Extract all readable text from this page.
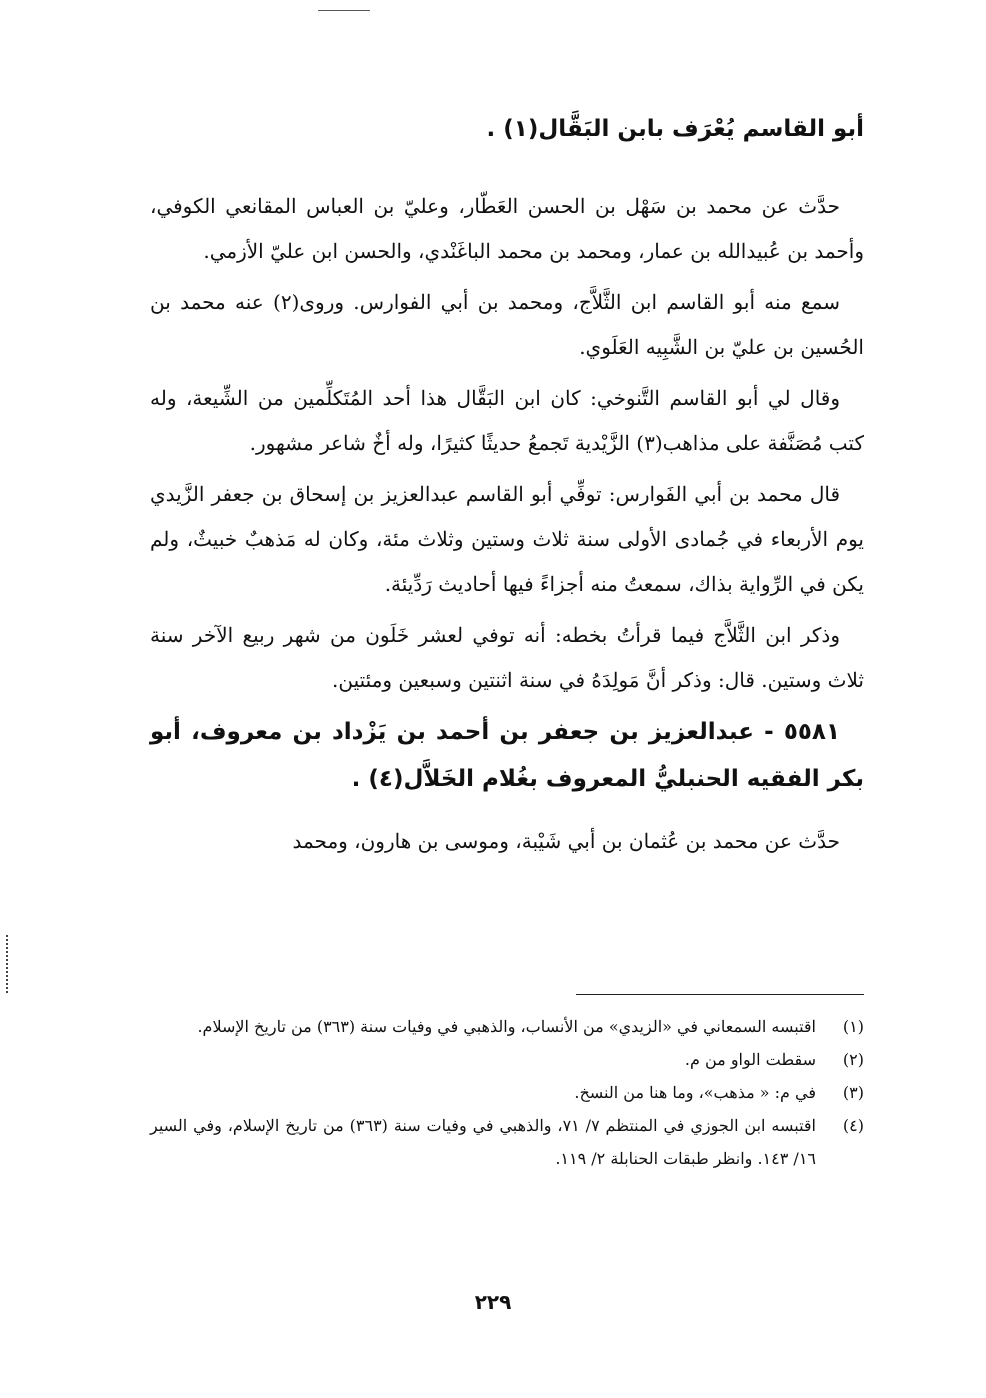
أبو القاسم يُعْرَف بابن البَقَّال(١) .

حدَّث عن محمد بن سَهْل بن الحسن العَطّار، وعليّ بن العباس المقانعي الكوفي، وأحمد بن عُبيدالله بن عمار، ومحمد بن محمد الباغَنْدي، والحسن ابن عليّ الأزمي.

سمع منه أبو القاسم ابن الثَّلاَّج، ومحمد بن أبي الفوارس. وروى(٢) عنه محمد بن الحُسين بن عليّ بن الشَّبِيه العَلَوي.

وقال لي أبو القاسم التَّنوخي: كان ابن البَقَّال هذا أحد المُتَكلِّمين من الشِّيعة، وله كتب مُصَنَّفة على مذاهب(٣) الزَّيْدية تَجمعُ حديثًا كثيرًا، وله أخٌ شاعر مشهور.

قال محمد بن أبي الفَوارس: توفِّي أبو القاسم عبدالعزيز بن إسحاق بن جعفر الزَّيدي يوم الأربعاء في جُمادى الأولى سنة ثلاث وستين وثلاث مئة، وكان له مَذهبٌ خبيثٌ، ولم يكن في الرِّواية بذاك، سمعتُ منه أجزاءً فيها أحاديث رَدِّيئة.

وذكر ابن الثَّلاَّج فيما قرأتُ بخطه: أنه توفي لعشر خَلَون من شهر ربيع الآخر سنة ثلاث وستين. قال: وذكر أنَّ مَولِدَهُ في سنة اثنتين وسبعين ومئتين.

٥٥٨١ - عبدالعزيز بن جعفر بن أحمد بن يَزْداد بن معروف، أبو بكر الفقيه الحنبليُّ المعروف بغُلام الخَلاَّل(٤) .

حدَّث عن محمد بن عُثمان بن أبي شَيْبة، وموسى بن هارون، ومحمد

(١)
اقتبسه السمعاني في «الزيدي» من الأنساب، والذهبي في وفيات سنة (٣٦٣) من تاريخ الإسلام.
(٢)
سقطت الواو من م.
(٣)
في م: « مذهب»، وما هنا من النسخ.
(٤)
اقتبسه ابن الجوزي في المنتظم ٧/ ٧١، والذهبي في وفيات سنة (٣٦٣) من تاريخ الإسلام، وفي السير ١٦/ ١٤٣. وانظر طبقات الحنابلة ٢/ ١١٩.
٢٢٩
